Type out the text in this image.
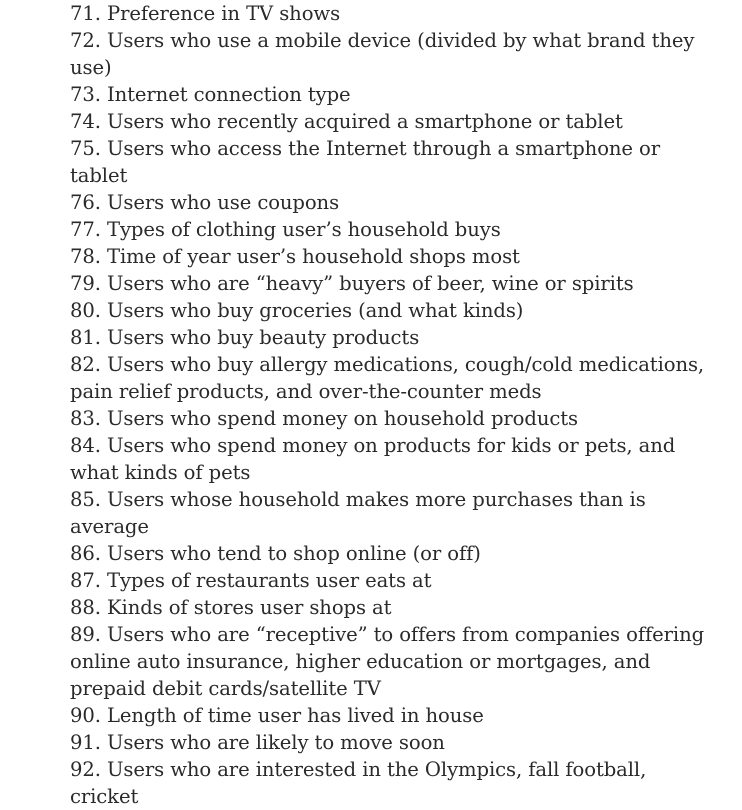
71. Preference in TV shows

72. Users who use a mobile device (divided by what brand they use)

73. Internet connection type

74. Users who recently acquired a smartphone or tablet

75. Users who access the Internet through a smartphone or tablet

76. Users who use coupons

77. Types of clothing user’s household buys

78. Time of year user’s household shops most

79. Users who are “heavy” buyers of beer, wine or spirits

80. Users who buy groceries (and what kinds)

81. Users who buy beauty products

82. Users who buy allergy medications, cough/cold medications, pain relief products, and over-the-counter meds

83. Users who spend money on household products

84. Users who spend money on products for kids or pets, and what kinds of pets

85. Users whose household makes more purchases than is average

86. Users who tend to shop online (or off)

87. Types of restaurants user eats at

88. Kinds of stores user shops at

89. Users who are “receptive” to offers from companies offering online auto insurance, higher education or mortgages, and prepaid debit cards/satellite TV

90. Length of time user has lived in house

91. Users who are likely to move soon

92. Users who are interested in the Olympics, fall football, cricket
